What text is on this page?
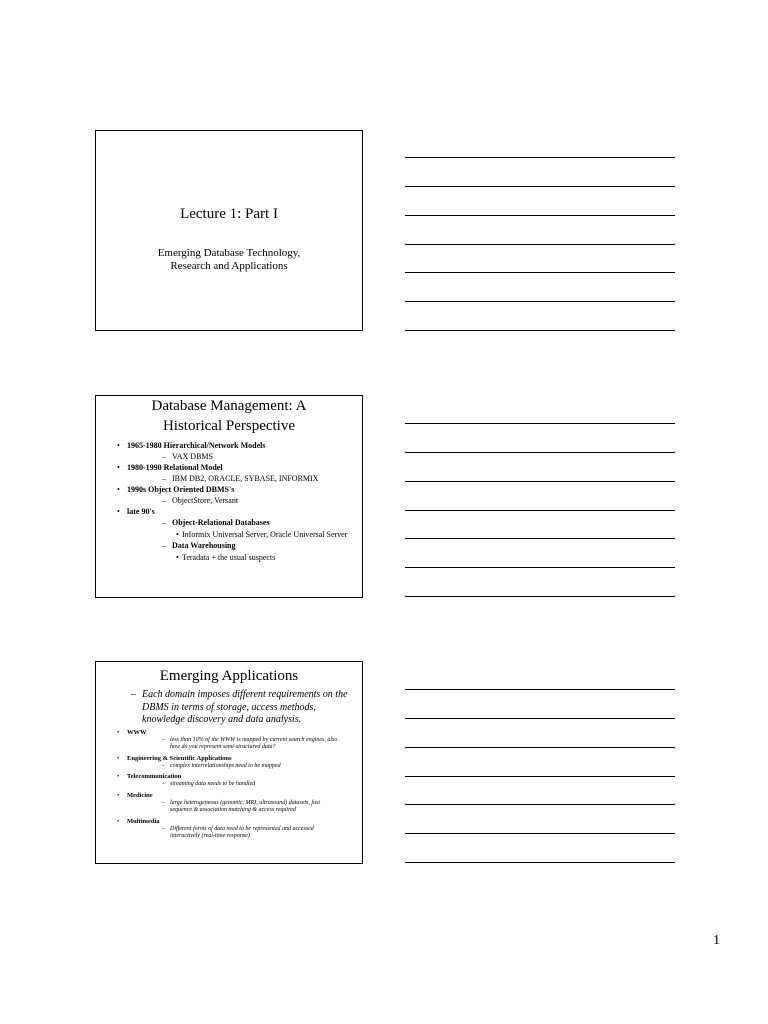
Lecture 1: Part I
Emerging Database Technology,
Research and Applications
Database Management: A
Historical Perspective
• 1965-1980 Hierarchical/Network Models
– VAX DBMS
• 1980-1990 Relational Model
– IBM DB2, ORACLE, SYBASE, INFORMIX
• 1990s Object Oriented DBMS's
– ObjectStore, Versant
• late 90's
– Object-Relational Databases
• Informix Universal Server, Oracle Universal Server
– Data Warehousing
• Teradata + the usual suspects
Emerging Applications
– Each domain imposes different requirements on the DBMS in terms of storage, access methods, knowledge discovery and data analysis.
• WWW
– less than 10% of the WWW is mapped by current search engines, also how do you represent semi-structured data?
• Engineering & Scientific Applications
– complex interrelationships need to be mapped
• Telecommunication
– streaming data needs to be handled
• Medicine
– large heterogeneous (genomic, MRI, ultrasound) datasets, fast sequence & association matching & access required
• Multimedia
– Different forms of data need to be represented and accessed interactively (real-time response)
1
